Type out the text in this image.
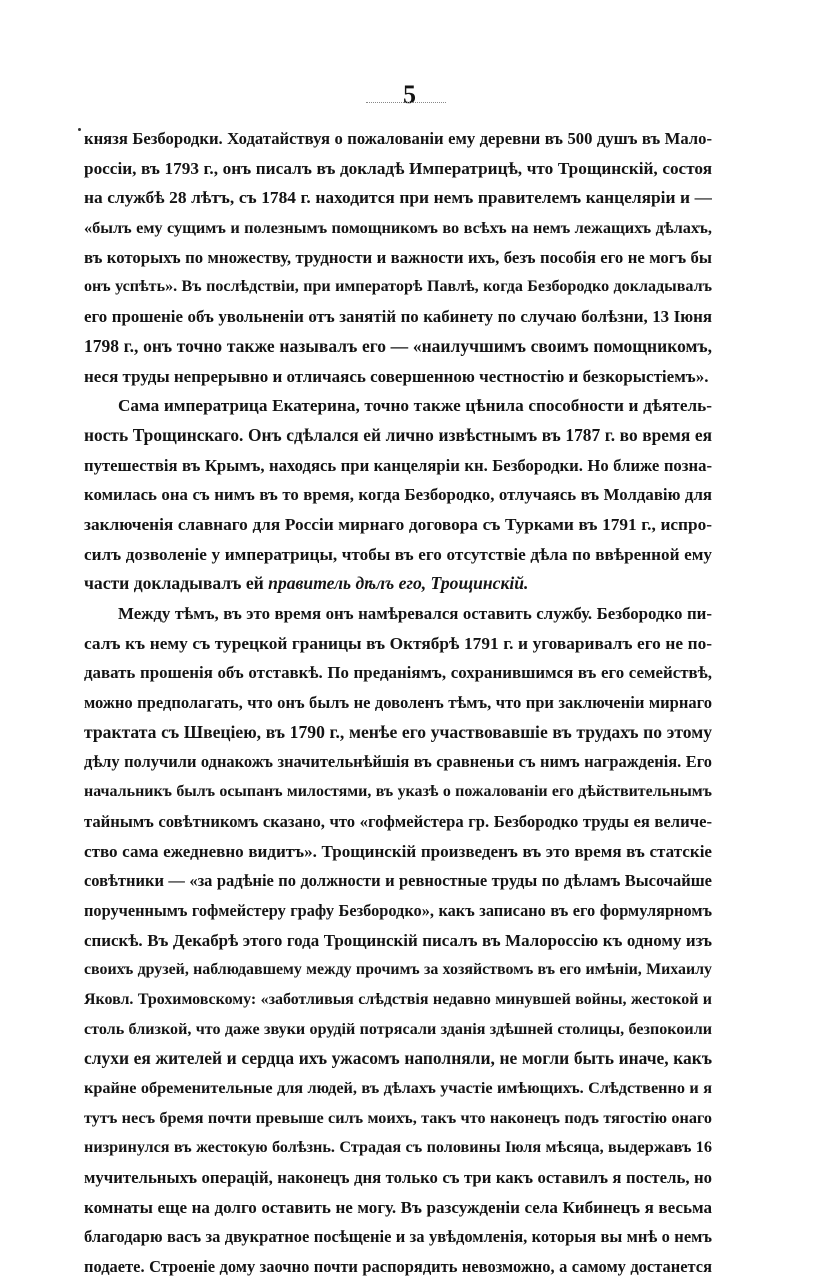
5
князя Безбородки. Ходатайствуя о пожалованіи ему деревни въ 500 душъ въ Мало-
россіи, въ 1793 г., онъ писалъ въ докладѣ Императрицѣ, что Трощинскій, состоя
на службѣ 28 лѣтъ, съ 1784 г. находится при немъ правителемъ канцеляріи и —
«былъ ему сущимъ и полезнымъ помощникомъ во всѣхъ на немъ лежащихъ дѣлахъ,
въ которыхъ по множеству, трудности и важности ихъ, безъ пособія его не могъ бы
онъ успѣть». Въ послѣдствіи, при императорѣ Павлѣ, когда Безбородко докладывалъ
его прошеніе объ увольненіи отъ занятій по кабинету по случаю болѣзни, 13 Іюня
1798 г., онъ точно также называлъ его — «наилучшимъ своимъ помощникомъ,
неся труды непрерывно и отличаясь совершенною честностію и безкорыстіемъ».
Сама императрица Екатерина, точно также цѣнила способности и дѣятель-
ность Трощинскаго. Онъ сдѣлался ей лично извѣстнымъ въ 1787 г. во время ея
путешествія въ Крымъ, находясь при канцеляріи кн. Безбородки. Но ближе позна-
комилась она съ нимъ въ то время, когда Безбородко, отлучаясь въ Молдавію для
заключенія славнаго для Россіи мирнаго договора съ Турками въ 1791 г., испро-
силъ дозволеніе у императрицы, чтобы въ его отсутствіе дѣла по ввѣренной ему
части докладывалъ ей правитель дѣлъ его, Трощинскій.
Между тѣмъ, въ это время онъ намѣревался оставить службу. Безбородко пи-
салъ къ нему съ турецкой границы въ Октябрѣ 1791 г. и уговаривалъ его не по-
давать прошенія объ отставкѣ. По преданіямъ, сохранившимся въ его семействѣ,
можно предполагать, что онъ былъ не доволенъ тѣмъ, что при заключеніи мирнаго
трактата съ Швеціею, въ 1790 г., менѣе его участвовавшіе въ трудахъ по этому
дѣлу получили однакожъ значительнѣйшія въ сравненьи съ нимъ награжденія. Его
начальникъ былъ осыпанъ милостями, въ указѣ о пожалованіи его дѣйствительнымъ
тайнымъ совѣтникомъ сказано, что «гофмейстера гр. Безбородко труды ея величе-
ство сама ежедневно видитъ». Трощинскій произведенъ въ это время въ статскіе
совѣтники — «за радѣніе по должности и ревностные труды по дѣламъ Высочайше
порученнымъ гофмейстеру графу Безбородко», какъ записано въ его формулярномъ
спискѣ. Въ Декабрѣ этого года Трощинскій писалъ въ Малороссію къ одному изъ
своихъ друзей, наблюдавшему между прочимъ за хозяйствомъ въ его имѣніи, Михаилу
Яковл. Трохимовскому: «заботливыя слѣдствія недавно минувшей войны, жестокой и
столь близкой, что даже звуки орудій потрясали зданія здѣшней столицы, безпокоили
слухи ея жителей и сердца ихъ ужасомъ наполняли, не могли быть иначе, какъ
крайне обременительные для людей, въ дѣлахъ участіе имѣющихъ. Слѣдственно и я
тутъ несъ бремя почти превыше силъ моихъ, такъ что наконецъ подъ тягостію онаго
низринулся въ жестокую болѣзнь. Страдая съ половины Іюля мѣсяца, выдержавъ 16
мучительныхъ операцій, наконецъ дня только съ три какъ оставилъ я постель, но
комнаты еще на долго оставить не могу. Въ разсужденіи села Кибинецъ я весьма
благодарю васъ за двукратное посѣщеніе и за увѣдомленія, которыя вы мнѣ о немъ
подаете. Строеніе дому заочно почти распорядить невозможно, а самому достанется
